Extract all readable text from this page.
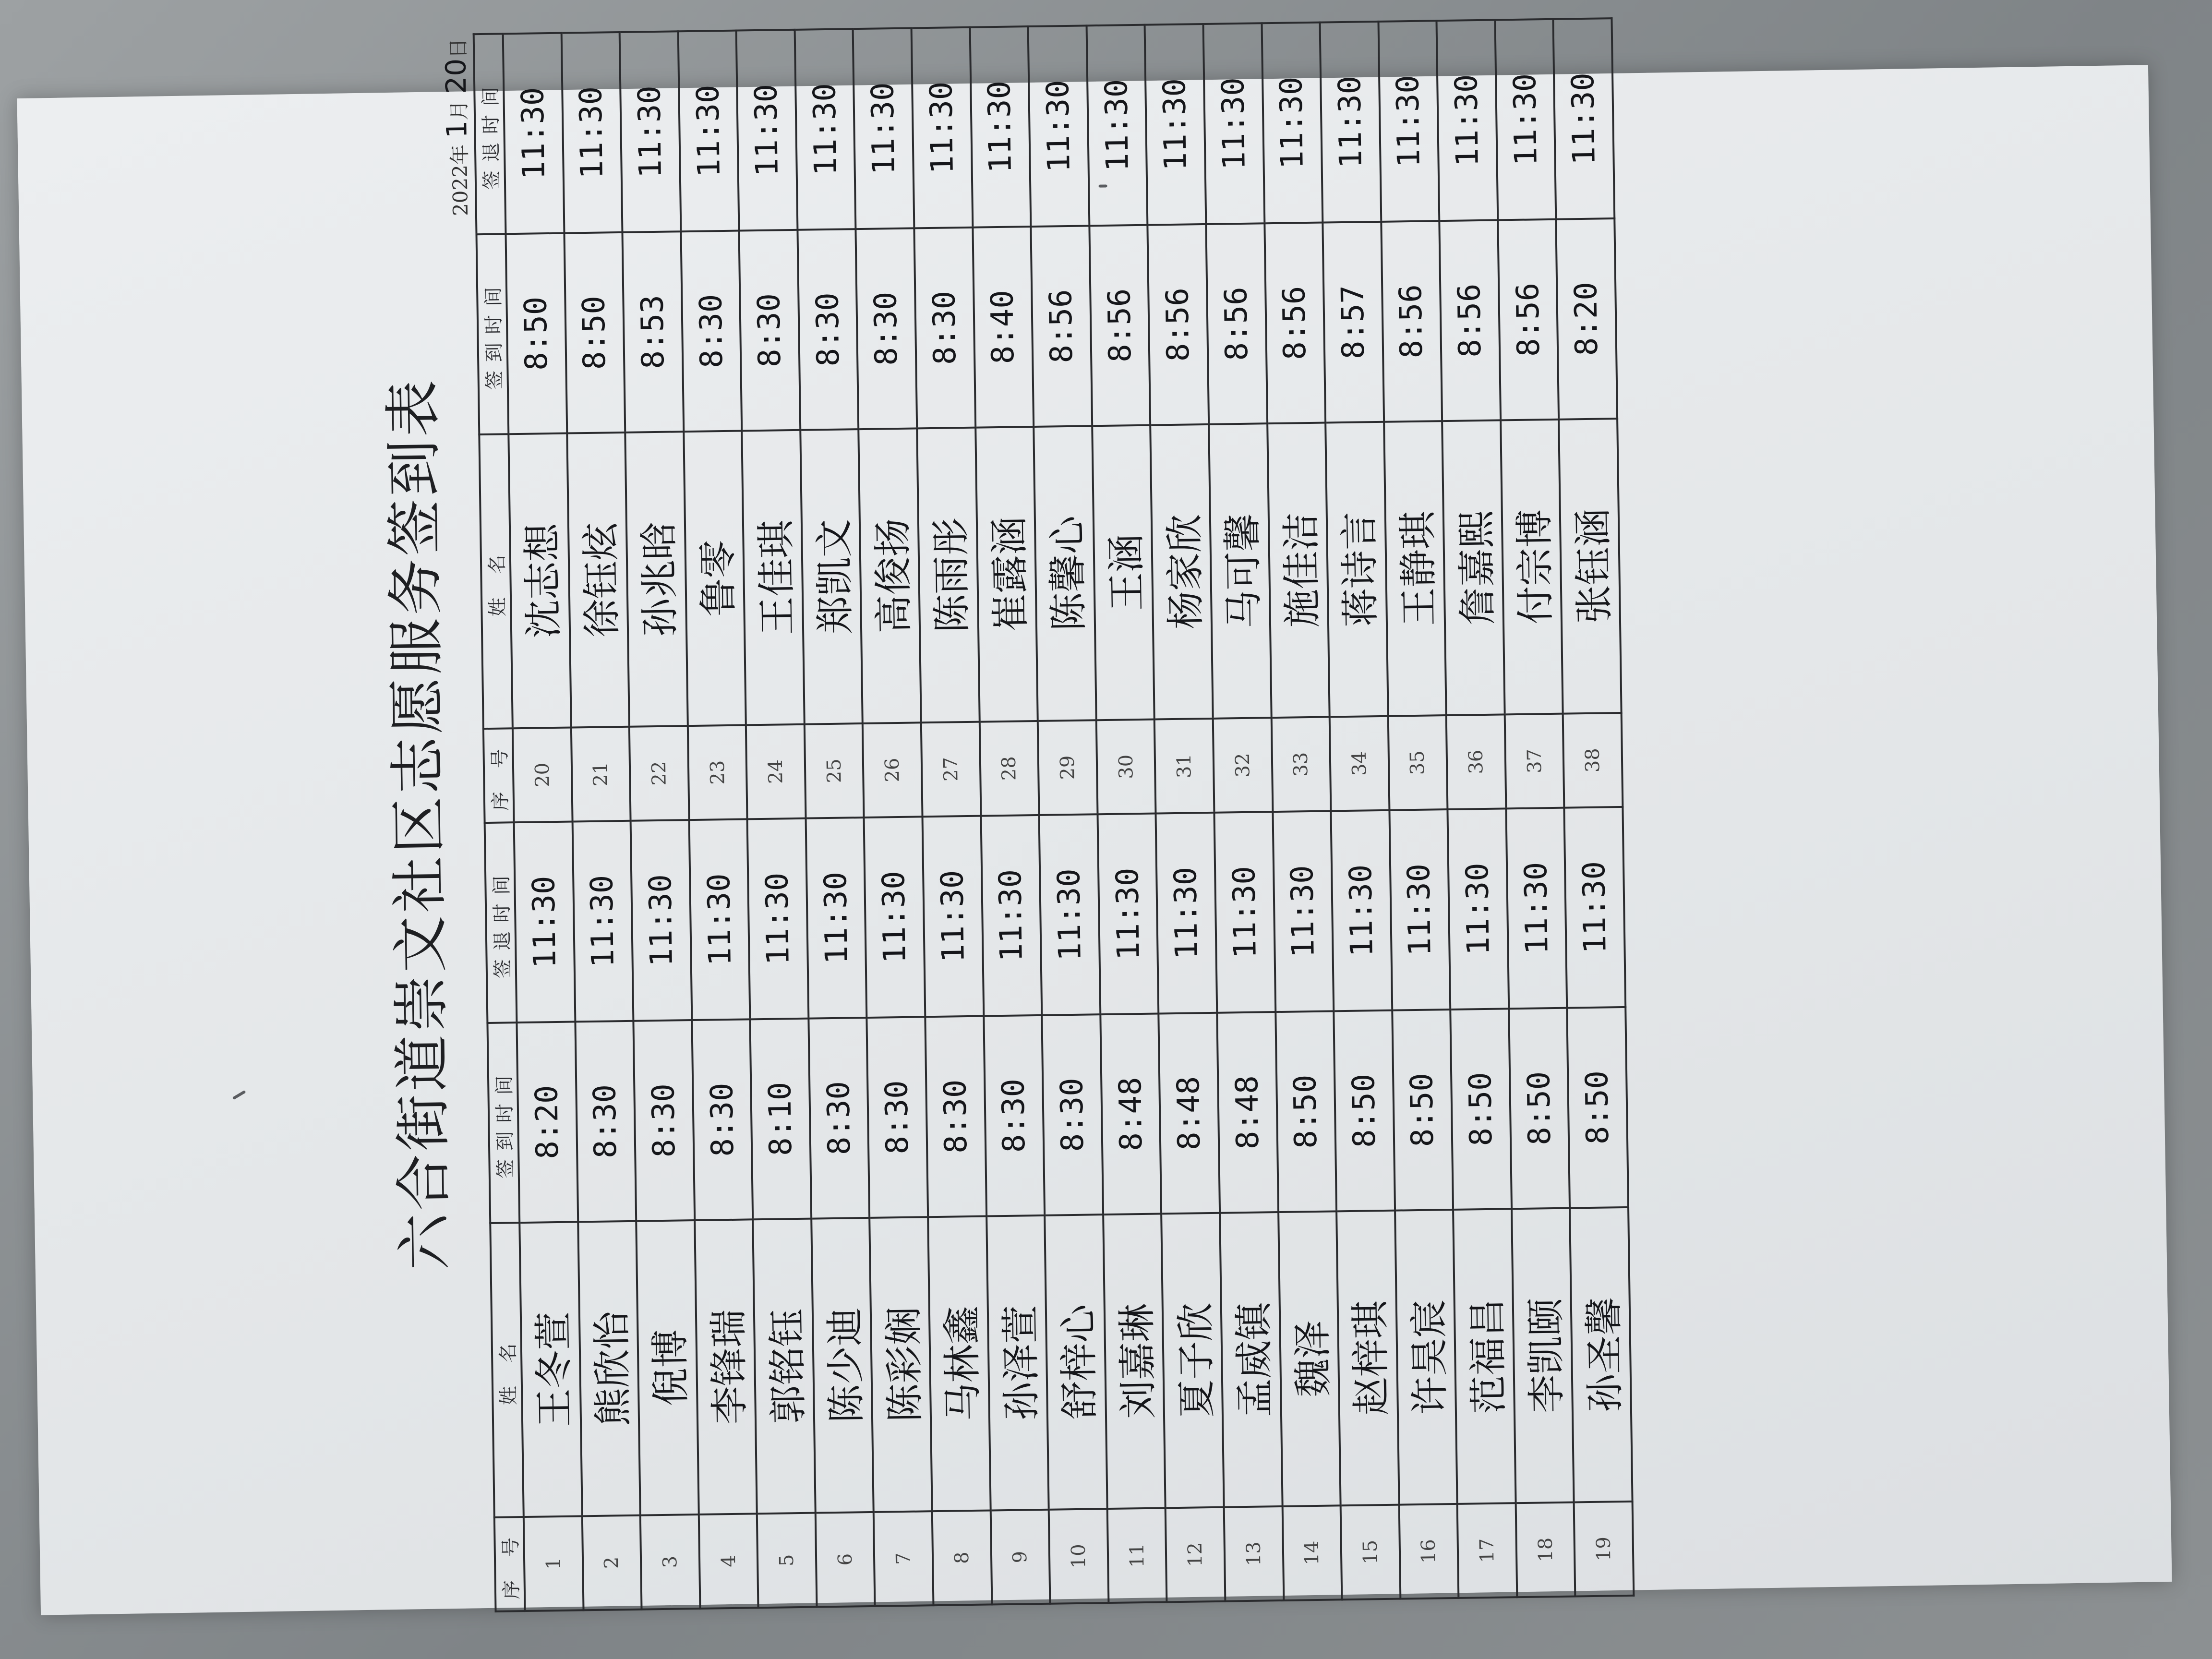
六合街道崇文社区志愿服务签到表
2022年 1月 20日
序 号	姓 名	签到时间	签退时间	序 号	姓 名	签到时间	签退时间
1	王冬萱	8:20	11:30	20	沈志想	8:50	11:30
2	熊欣怡	8:30	11:30	21	徐钰炫	8:50	11:30
3	倪博	8:30	11:30	22	孙兆晗	8:53	11:30
4	李锋瑞	8:30	11:30	23	鲁零	8:30	11:30
5	郭铭钰	8:10	11:30	24	王佳琪	8:30	11:30
6	陈少迪	8:30	11:30	25	郑凯文	8:30	11:30
7	陈彩娴	8:30	11:30	26	高俊扬	8:30	11:30
8	马林鑫	8:30	11:30	27	陈雨彤	8:30	11:30
9	孙泽萱	8:30	11:30	28	崔露涵	8:40	11:30
10	舒梓心	8:30	11:30	29	陈馨心	8:56	11:30
11	刘嘉琳	8:48	11:30	30	王涵	8:56	11:30
12	夏子欣	8:48	11:30	31	杨家欣	8:56	11:30
13	孟威镇	8:48	11:30	32	马可馨	8:56	11:30
14	魏泽	8:50	11:30	33	施佳洁	8:56	11:30
15	赵梓琪	8:50	11:30	34	蒋诗言	8:57	11:30
16	许昊宸	8:50	11:30	35	王静琪	8:56	11:30
17	范福昌	8:50	11:30	36	詹嘉熙	8:56	11:30
18	李凯颐	8:50	11:30	37	付宗博	8:56	11:30
19	孙圣馨	8:50	11:30	38	张钰涵	8:20	11:30
